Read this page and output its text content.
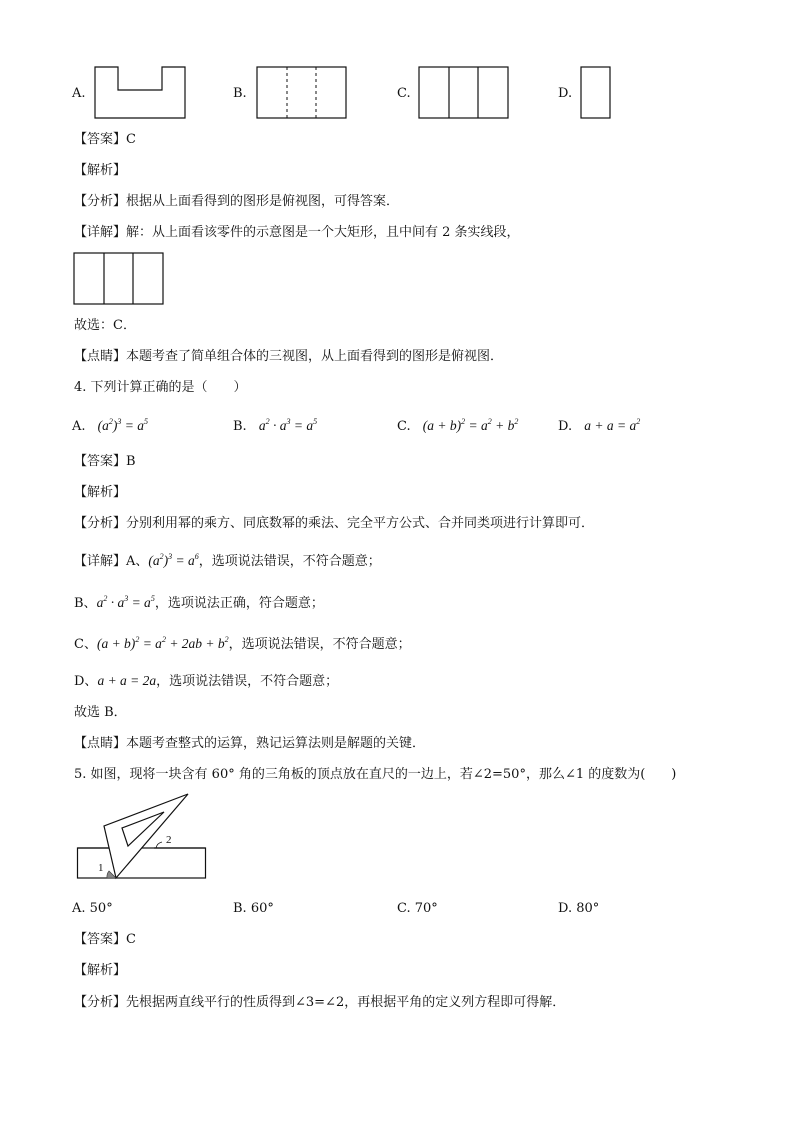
A.	B.	C.	D.
【答案】C
【解析】
【分析】根据从上面看得到的图形是俯视图，可得答案．
【详解】解：从上面看该零件的示意图是一个大矩形，且中间有 2 条实线段，
故选：C．
【点睛】本题考查了简单组合体的三视图，从上面看得到的图形是俯视图．
4. 下列计算正确的是（　　）
A. $(a^2)^3 = a^5$	B. $a^2 \cdot a^3 = a^5$	C. $(a + b)^2 = a^2 + b^2$	D. $a + a = a^2$
【答案】B
【解析】
【分析】分别利用幂的乘方、同底数幂的乘法、完全平方公式、合并同类项进行计算即可．
【详解】A、$(a^2)^3 = a^6$，选项说法错误，不符合题意；
B、$a^2 \cdot a^3 = a^5$，选项说法正确，符合题意；
C、$(a + b)^2 = a^2 + 2ab + b^2$，选项说法错误，不符合题意；
D、a + a = 2a，选项说法错误，不符合题意；
故选 B．
【点睛】本题考查整式的运算，熟记运算法则是解题的关键．
5. 如图，现将一块含有 60° 角的三角板的顶点放在直尺的一边上，若∠2=50°，那么∠1 的度数为(　　)
1
2
A. 50°	B. 60°	C. 70°	D. 80°
【答案】C
【解析】
【分析】先根据两直线平行的性质得到∠3=∠2，再根据平角的定义列方程即可得解．
